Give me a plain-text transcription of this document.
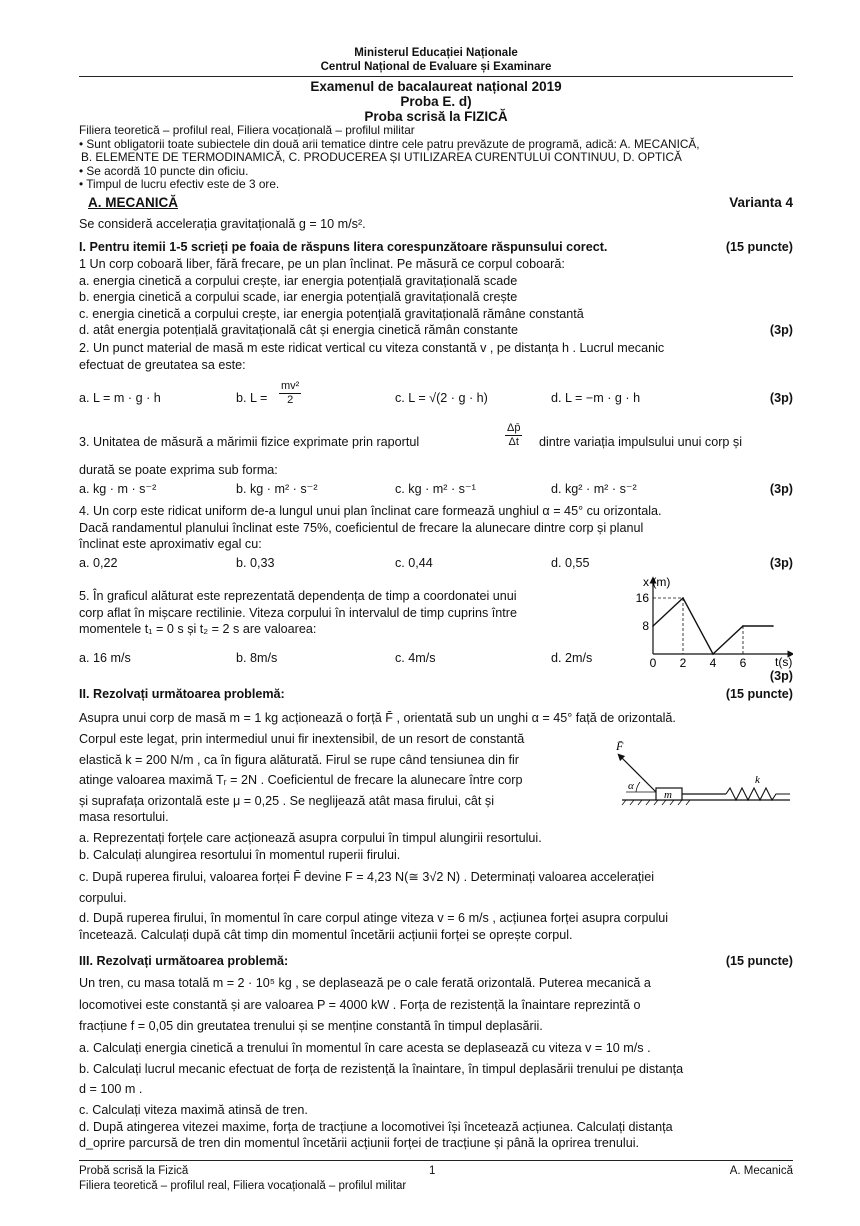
Ministerul Educației Naționale
Centrul Național de Evaluare și Examinare
Examenul de bacalaureat național 2019
Proba E. d)
Proba scrisă la FIZICĂ
Filiera teoretică – profilul real, Filiera vocațională – profilul militar
• Sunt obligatorii toate subiectele din două arii tematice dintre cele patru prevăzute de programă, adică: A. MECANICĂ,
B. ELEMENTE DE TERMODINAMICĂ, C. PRODUCEREA ȘI UTILIZAREA CURENTULUI CONTINUU, D. OPTICĂ
• Se acordă 10 puncte din oficiu.
• Timpul de lucru efectiv este de 3 ore.
A. MECANICĂ	Varianta 4
Se consideră accelerația gravitațională g = 10 m/s².
I. Pentru itemii 1-5 scrieți pe foaia de răspuns litera corespunzătoare răspunsului corect.	(15 puncte)
1 Un corp coboară liber, fără frecare, pe un plan înclinat. Pe măsură ce corpul coboară:
a. energia cinetică a corpului crește, iar energia potențială gravitațională scade
b. energia cinetică a corpului scade, iar energia potențială gravitațională crește
c. energia cinetică a corpului crește, iar energia potențială gravitațională rămâne constantă
d. atât energia potențială gravitațională cât și energia cinetică rămân constante	(3p)
2. Un punct material de masă m este ridicat vertical cu viteza constantă v , pe distanța h . Lucrul mecanic
efectuat de greutatea sa este:
a. L = m · g · h	b. $L = \frac{\text{mv²}}{2}$	c. L = √(2 · g · h)	d. L = −m · g · h	(3p)
3. Unitatea de măsură a mărimii fizice exprimate prin raportul	$\frac{\Delta p̄}{\Delta t}$ dintre variația impulsului unui corp și
durată se poate exprima sub forma:
a. kg · m · s⁻²	b. kg · m² · s⁻²	c. kg · m² · s⁻¹	d. kg² · m² · s⁻²	(3p)
4. Un corp este ridicat uniform de-a lungul unui plan înclinat care formează unghiul α = 45° cu orizontala.
Dacă randamentul planului înclinat este 75%, coeficientul de frecare la alunecare dintre corp și planul
înclinat este aproximativ egal cu:
a. 0,22	b. 0,33	c. 0,44	d. 0,55	(3p)
5. În graficul alăturat este reprezentată dependența de timp a coordonatei unui
corp aflat în mișcare rectilinie. Viteza corpului în intervalul de timp cuprins între
momentele t₁ = 0 s și t₂ = 2 s are valoarea:
a. 16 m/s	b. 8m/s	c. 4m/s	d. 2m/s	0 2 4 6
16
8
x (m)
t(s)
(3p)
II. Rezolvați următoarea problemă:	(15 puncte)
Asupra unui corp de masă m = 1 kg acționează o forță F̄ , orientată sub un unghi α = 45° față de orizontală.
Corpul este legat, prin intermediul unui fir inextensibil, de un resort de constantă
elastică k = 200 N/m , ca în figura alăturată. Firul se rupe când tensiunea din fir
atinge valoarea maximă Tᵣ = 2N . Coeficientul de frecare la alunecare între corp
și suprafața orizontală este μ = 0,25 . Se neglijează atât masa firului, cât și
masa resortului.
m
F̄
α	k
a. Reprezentați forțele care acționează asupra corpului în timpul alungirii resortului.
b. Calculați alungirea resortului în momentul ruperii firului.
c. După ruperea firului, valoarea forței F̄ devine F = 4,23 N(≅ 3√2 N) . Determinați valoarea accelerației
corpului.
d. După ruperea firului, în momentul în care corpul atinge viteza v = 6 m/s , acțiunea forței asupra corpului
încetează. Calculați după cât timp din momentul încetării acțiunii forței se oprește corpul.
III. Rezolvați următoarea problemă:	(15 puncte)
Un tren, cu masa totală m = 2 · 10⁵ kg , se deplasează pe o cale ferată orizontală. Puterea mecanică a
locomotivei este constantă și are valoarea P = 4000 kW . Forța de rezistență la înaintare reprezintă o
fracțiune f = 0,05 din greutatea trenului și se menține constantă în timpul deplasării.
a. Calculați energia cinetică a trenului în momentul în care acesta se deplasează cu viteza v = 10 m/s .
b. Calculați lucrul mecanic efectuat de forța de rezistență la înaintare, în timpul deplasării trenului pe distanța
d = 100 m .
c. Calculați viteza maximă atinsă de tren.
d. După atingerea vitezei maxime, forța de tracțiune a locomotivei își încetează acțiunea. Calculați distanța
d_oprire parcursă de tren din momentul încetării acțiunii forței de tracțiune și până la oprirea trenului.
Probă scrisă la Fizică	1	A. Mecanică
Filiera teoretică – profilul real, Filiera vocațională – profilul militar
